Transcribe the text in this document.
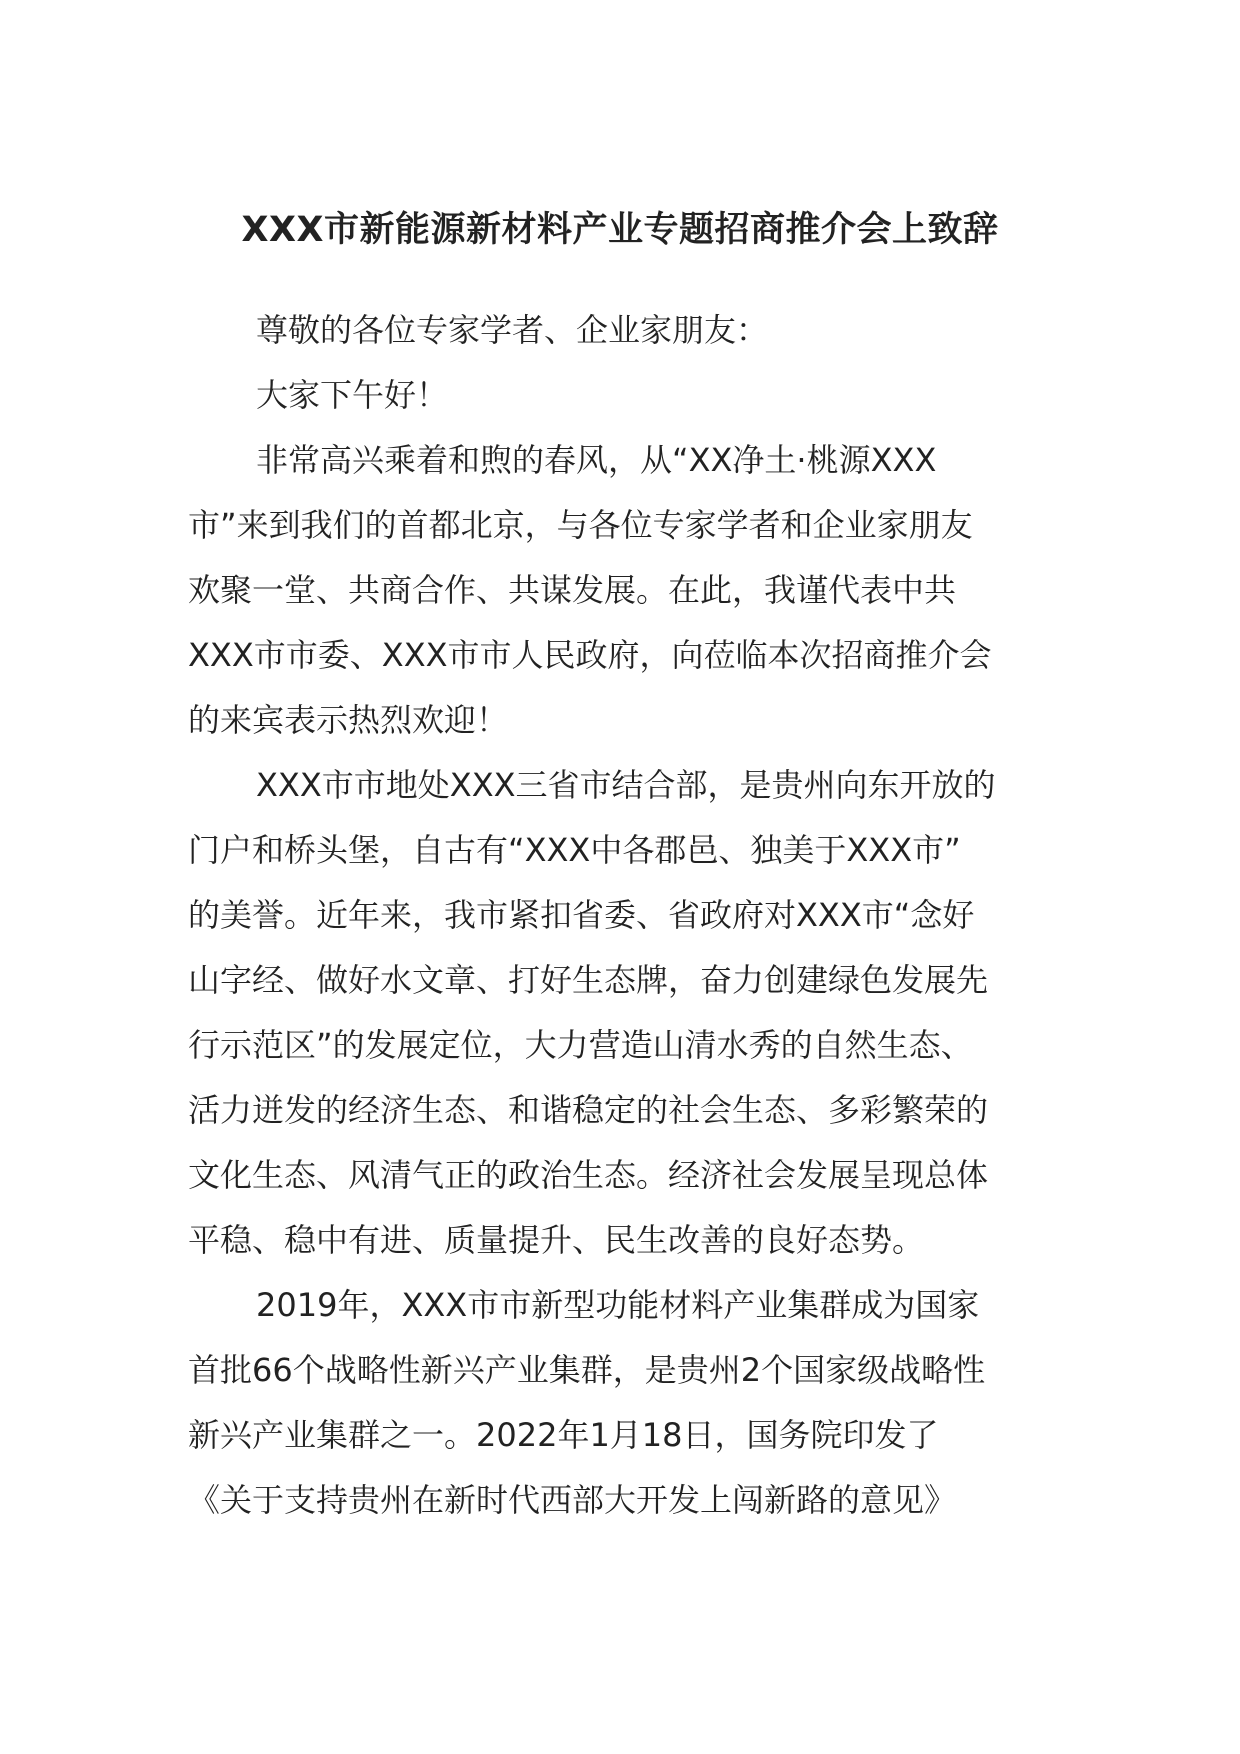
XXX市新能源新材料产业专题招商推介会上致辞
尊敬的各位专家学者、企业家朋友：
大家下午好！
非常高兴乘着和煦的春风，从“XX净土·桃源XXX
市”来到我们的首都北京，与各位专家学者和企业家朋友
欢聚一堂、共商合作、共谋发展。在此，我谨代表中共
XXX市市委、XXX市市人民政府，向莅临本次招商推介会
的来宾表示热烈欢迎！
XXX市市地处XXX三省市结合部，是贵州向东开放的
门户和桥头堡，自古有“XXX中各郡邑、独美于XXX市”
的美誉。近年来，我市紧扣省委、省政府对XXX市“念好
山字经、做好水文章、打好生态牌，奋力创建绿色发展先
行示范区”的发展定位，大力营造山清水秀的自然生态、
活力迸发的经济生态、和谐稳定的社会生态、多彩繁荣的
文化生态、风清气正的政治生态。经济社会发展呈现总体
平稳、稳中有进、质量提升、民生改善的良好态势。
2019年，XXX市市新型功能材料产业集群成为国家
首批66个战略性新兴产业集群，是贵州2个国家级战略性
新兴产业集群之一。2022年1月18日，国务院印发了
《关于支持贵州在新时代西部大开发上闯新路的意见》
